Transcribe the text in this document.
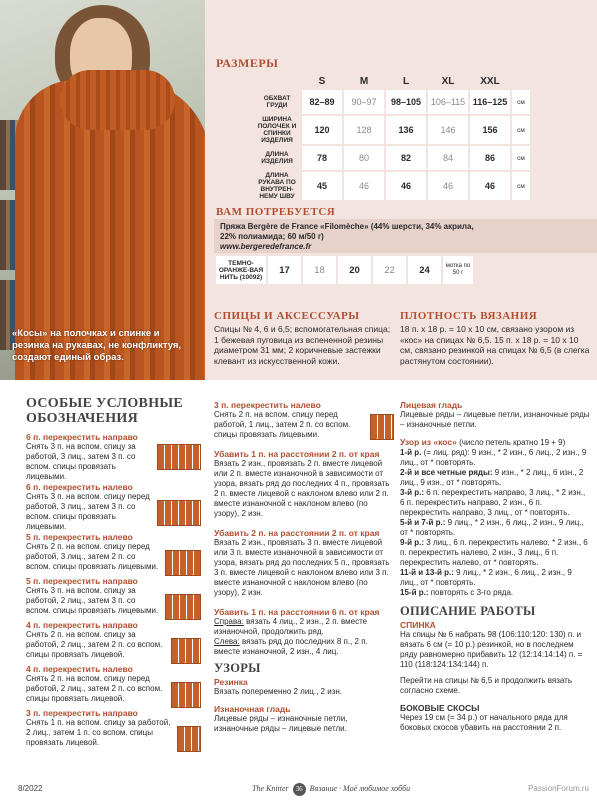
«Косы» на полочках и спинке и резинка на рукавах, не конфликтуя, создают единый образ.
РАЗМЕРЫ
	S	M	L	XL	XXL	
ОБХВАТ ГРУДИ	82–89	90–97	98–105	106–115	116–125	см
ШИРИНА ПОЛОЧЕК И СПИНКИ ИЗДЕЛИЯ	120	128	136	146	156	см
ДЛИНА ИЗДЕЛИЯ	78	80	82	84	86	см
ДЛИНА РУКАВА ПО ВНУТРЕН-НЕМУ ШВУ	45	46	46	46	46	см
ВАМ ПОТРЕБУЕТСЯ
Пряжа Bergère de France «Filomèche» (44% шерсти, 34% акрила,
22% полиамида; 60 м/50 г)
www.bergeredefrance.fr
ТЕМНО-ОРАНЖЕ-ВАЯ НИТЬ (10092)	17	18	20	22	24	мотка по 50 г
СПИЦЫ И АКСЕССУАРЫ
Спицы № 4, 6 и 6,5; вспомогательная спица; 1 бежевая пуговица из вспененной резины диаметром 31 мм; 2 коричневые застежки клевант из искусственной кожи.
ПЛОТНОСТЬ ВЯЗАНИЯ
18 п. x 18 р. = 10 x 10 см, связано узором из «кос» на спицах № 6,5. 15 п. x 18 р. = 10 x 10 см, связано резинкой на спицах № 6,5 (в слегка растянутом состоянии).
ОСОБЫЕ УСЛОВНЫЕ ОБОЗНАЧЕНИЯ
6 п. перекрестить направо
Снять 3 п. на вспом. спицу за работой, 3 лиц., затем 3 п. со вспом. спицы провязать лицевыми.
6 п. перекрестить налево
Снять 3 п. на вспом. спицу перед работой, 3 лиц., затем 3 п. со вспом. спицы провязать лицевыми.
5 п. перекрестить налево
Снять 2 п. на вспом. спицу перед работой, 3 лиц., затем 2 п. со вспом. спицы провязать лицевыми.
5 п. перекрестить направо
Снять 3 п. на вспом. спицу за работой, 2 лиц., затем 3 п. со вспом. спицы провязать лицевыми.
4 п. перекрестить направо
Снять 2 п. на вспом. спицу за работой, 2 лиц., затем 2 п. со вспом. спицы провязать лицевой.
4 п. перекрестить налево
Снять 2 п. на вспом. спицу перед работой, 2 лиц., затем 2 п. со вспом. спицы провязать лицевой.
3 п. перекрестить направо
Снять 1 п. на вспом. спицу за работой, 2 лиц., затем 1 п. со вспом. спицы провязать лицевой.
3 п. перекрестить налево
Снять 2 п. на вспом. спицу перед работой, 1 лиц., затем 2 п. со вспом. спицы провязать лицевыми.
Убавить 1 п. на расстоянии 2 п. от края
Вязать 2 изн., провязать 2 п. вместе лицевой или 2 п. вместе изнаночной в зависимости от узора, вязать ряд до последних 4 п., провязать 2 п. вместе лицевой с наклоном влево или 2 п. вместе изнаночной с наклоном влево (по узору), 2 изн.
Убавить 2 п. на расстоянии 2 п. от края
Вязать 2 изн., провязать 3 п. вместе лицевой или 3 п. вместе изнаночной в зависимости от узора, вязать ряд до последних 5 п., провязать 3 п. вместе лицевой с наклоном влево или 3 п. вместе изнаночной с наклоном влево (по узору), 2 изн.
Убавить 1 п. на расстоянии 6 п. от края
Справа: вязать 4 лиц., 2 изн., 2 п. вместе изнаночной, продолжить ряд.
Слева: вязать ряд до последних 8 п., 2 п. вместе изнаночной, 2 изн., 4 лиц.
УЗОРЫ
Резинка
Вязать попеременно 2 лиц., 2 изн.
Изнаночная гладь
Лицевые ряды – изнаночные петли, изнаночные ряды – лицевые петли.
Лицевая гладь
Лицевые ряды – лицевые петли, изнаночные ряды – изнаночные петли.
Узор из «кос» (число петель кратно 19 + 9)
1-й р. (= лиц. ряд): 9 изн., * 2 изн., 6 лиц., 2 изн., 9 лиц., от * повторять.
2-й и все четные ряды: 9 изн., * 2 лиц., 6 изн., 2 лиц., 9 изн., от * повторять.
3-й р.: 6 п. перекрестить направо, 3 лиц., * 2 изн., 6 п. перекрестить направо, 2 изн., 6 п. перекрестить направо, 3 лиц., от * повторять.
5-й и 7-й р.: 9 лиц., * 2 изн., 6 лиц., 2 изн., 9 лиц., от * повторять.
9-й р.: 3 лиц., 6 п. перекрестить налево, * 2 изн., 6 п. перекрестить налево, 2 изн., 3 лиц., 6 п. перекрестить налево, от * повторять.
11-й и 13-й р.: 9 лиц., * 2 изн., 6 лиц., 2 изн., 9 лиц., от * повторять.
15-й р.: повторять с 3-го ряда.
ОПИСАНИЕ РАБОТЫ
СПИНКА
На спицы № 6 набрать 98 (106:110:120: 130) п. и вязать 6 см (= 10 р.) резинкой, но в последнем ряду равномерно прибавить 12 (12:14:14:14) п. = 110 (118:124:134:144) п.
Перейти на спицы № 6,5 и продолжить вязать согласно схеме.
БОКОВЫЕ СКОСЫ
Через 19 см (= 34 р.) от начального ряда для боковых скосов убавить на расстоянии 2 п.
8/2022	The Knitter 36 Вязание · Моё любимое хобби	PassionForum.ru
